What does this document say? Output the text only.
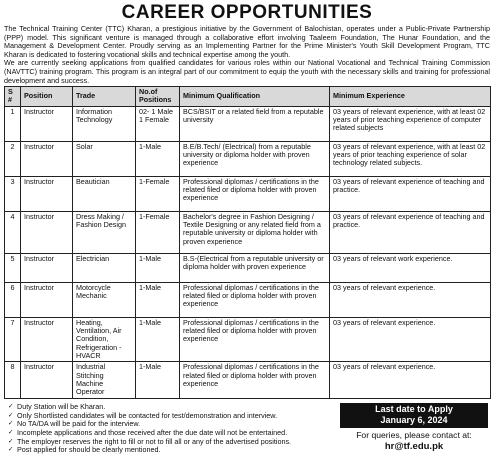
CAREER OPPORTUNITIES

The Technical Training Center (TTC) Kharan, a prestigious initiative by the Government of Balochistan, operates under a Public-Private Partnership (PPP) model. This significant venture is managed through a collaborative effort involving Taaleem Foundation, The Hunar Foundation, and the Management & Development Center. Proudly serving as an Implementing Partner for the Prime Minister's Youth Skill Development Program, TTC Kharan is dedicated to fostering vocational skills and technical expertise among the youth.

We are currently seeking applications from qualified candidates for various roles within our National Vocational and Technical Training Commission (NAVTTC) training program. This program is an integral part of our commitment to equip the youth with the necessary skills and training for professional development and success.

S #	Position	Trade	No.of Positions	Minimum Qualification	Minimum Experience
1	Instructor	Information Technology	02- 1 Male 1 Female	BCS/BSIT or a related field from a reputable university	03 years of relevant experience, with at least 02 years of prior teaching experience of computer related subjects
2	Instructor	Solar	1-Male	B.E/B.Tech/ (Electrical) from a reputable university or diploma holder with proven experience	03 years of relevant experience, with at least 02 years of prior teaching experience of solar technology related subjects.
3	Instructor	Beautician	1-Female	Professional diplomas / certifications in the related filed or diploma holder with proven experience	03 years of relevant experience of teaching and practice.
4	Instructor	Dress Making / Fashion Design	1-Female	Bachelor's degree in Fashion Designing / Textile Designing or any related field from a reputable university or diploma holder with proven experience	03 years of relevant experience of teaching and practice.
5	Instructor	Electrician	1-Male	B.S-(Electrical from a reputable university or diploma holder with proven experience	03 years of relevant work experience.
6	Instructor	Motorcycle Mechanic	1-Male	Professional diplomas / certifications in the related filed or diploma holder with proven experience	03 years of relevant experience.
7	Instructor	Heating, Ventilation, Air Condition, Refrigeration -HVACR	1-Male	Professional diplomas / certifications in the related filed or diploma holder with proven experience	03 years of relevant experience.
8	Instructor	Industrial Stitching Machine Operator	1-Male	Professional diplomas / certifications in the related filed or diploma holder with proven experience	03 years of relevant experience.
✓ Duty Station will be Kharan.
✓ Only Shortlisted candidates will be contacted for test/demonstration and interview.
✓ No TA/DA will be paid for the interview.
✓ Incomplete applications and those received after the due date will not be entertained.
✓ The employer reserves the right to fill or not to fill all or any of the advertised positions.
✓ Post applied for should be clearly mentioned.
Last date to Apply
January 6, 2024
For queries, please contact at:
hr@tf.edu.pk
